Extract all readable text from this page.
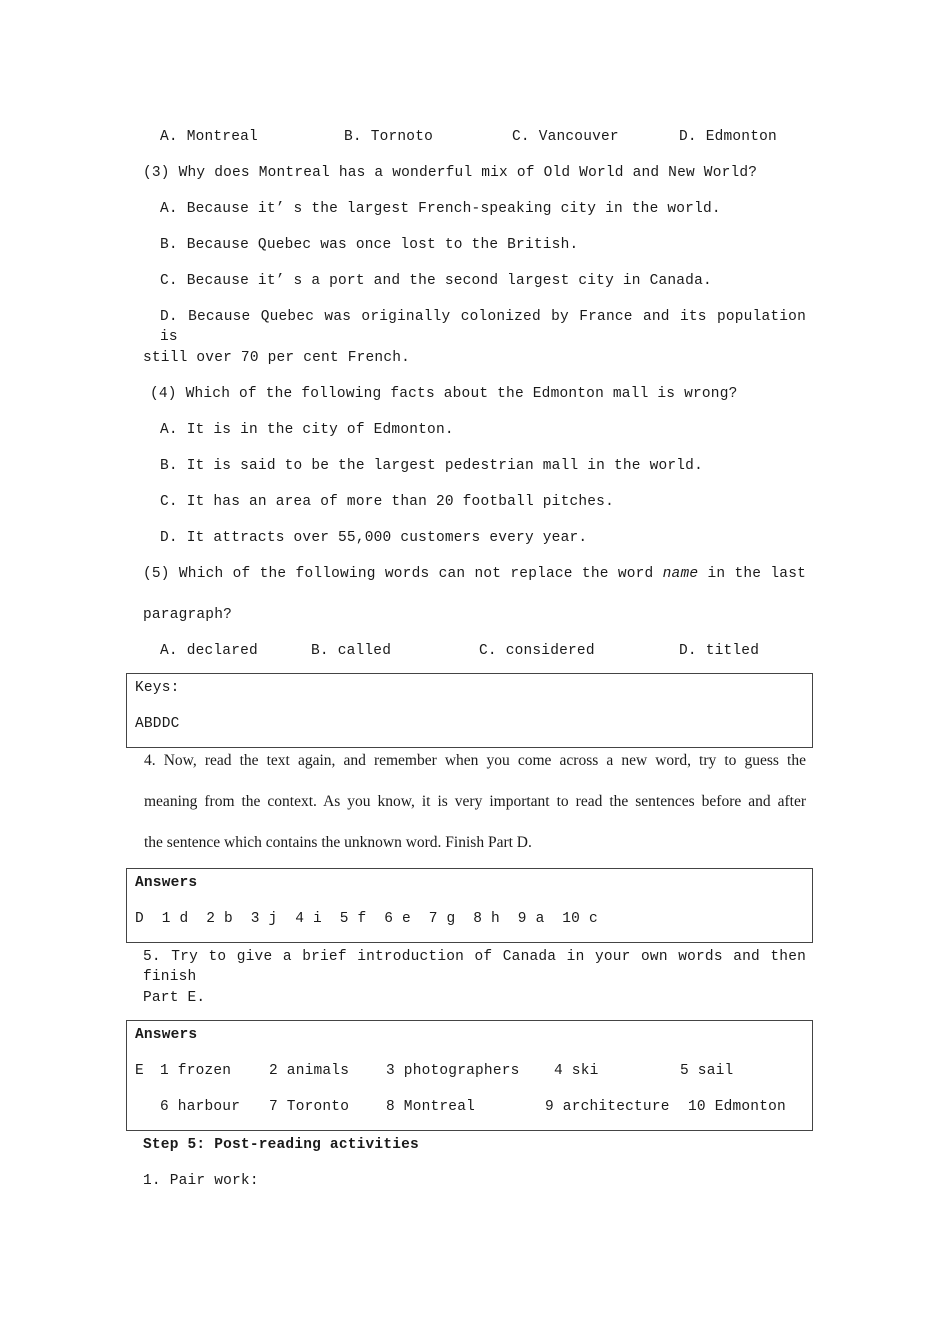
A. Montreal	B. Tornoto	C. Vancouver	D. Edmonton
(3) Why does Montreal has a wonderful mix of Old World and New World?
A. Because it’ s the largest French-speaking city in the world.
B. Because Quebec was once lost to the British.
C. Because it’ s a port and the second largest city in Canada.
D. Because Quebec was originally colonized by France and its population is
still over 70 per cent French.
(4) Which of the following facts about the Edmonton mall is wrong?
A. It is in the city of Edmonton.
B. It is said to be the largest pedestrian mall in the world.
C. It has an area of more than 20 football pitches.
D. It attracts over 55,000 customers every year.
(5) Which of the following words can not replace the word name in the last
paragraph?
A. declared	B. called	C. considered	D. titled
Keys:
ABDDC
4. Now, read the text again, and remember when you come across a new word, try to guess the
meaning from the context. As you know, it is very important to read the sentences before and after
the sentence which contains the unknown word. Finish Part D.
Answers
D  1 d  2 b  3 j  4 i  5 f  6 e  7 g  8 h  9 a  10 c
5. Try to give a brief introduction of Canada in your own words and then finish
Part E.
Answers
E 1 frozen	2 animals	3 photographers 4 ski	5 sail
6 harbour 7 Toronto	8 Montreal	9 architecture 10 Edmonton
Step 5: Post-reading activities
1. Pair work:
